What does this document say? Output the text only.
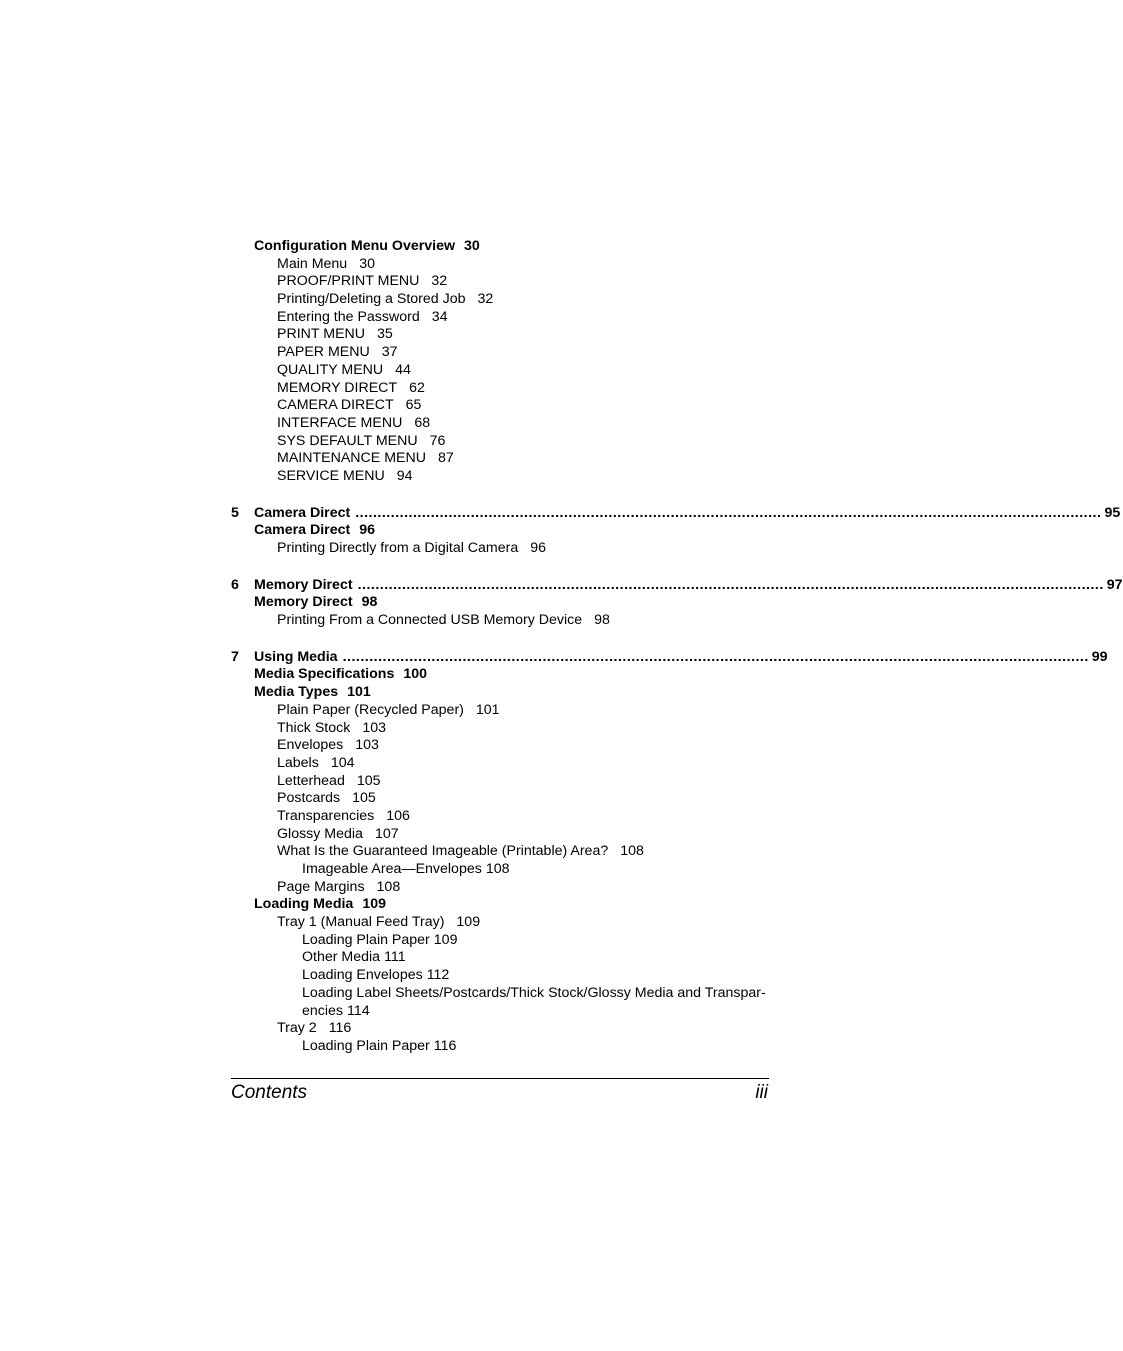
Configuration Menu Overview 30
Main Menu 30
PROOF/PRINT MENU 32
Printing/Deleting a Stored Job 32
Entering the Password 34
PRINT MENU 35
PAPER MENU 37
QUALITY MENU 44
MEMORY DIRECT 62
CAMERA DIRECT 65
INTERFACE MENU 68
SYS DEFAULT MENU 76
MAINTENANCE MENU 87
SERVICE MENU 94
5	Camera Direct ........................................................................................................................................................................ 95
Camera Direct 96
Printing Directly from a Digital Camera 96
6	Memory Direct ........................................................................................................................................................................ 97
Memory Direct 98
Printing From a Connected USB Memory Device 98
7	Using Media ........................................................................................................................................................................ 99
Media Specifications 100
Media Types 101
Plain Paper (Recycled Paper) 101
Thick Stock 103
Envelopes 103
Labels 104
Letterhead 105
Postcards 105
Transparencies 106
Glossy Media 107
What Is the Guaranteed Imageable (Printable) Area? 108
Imageable Area—Envelopes 108
Page Margins 108
Loading Media 109
Tray 1 (Manual Feed Tray) 109
Loading Plain Paper 109
Other Media 111
Loading Envelopes 112
Loading Label Sheets/Postcards/Thick Stock/Glossy Media and Transpar-encies 114
Tray 2 116
Loading Plain Paper 116
Contents	iii
